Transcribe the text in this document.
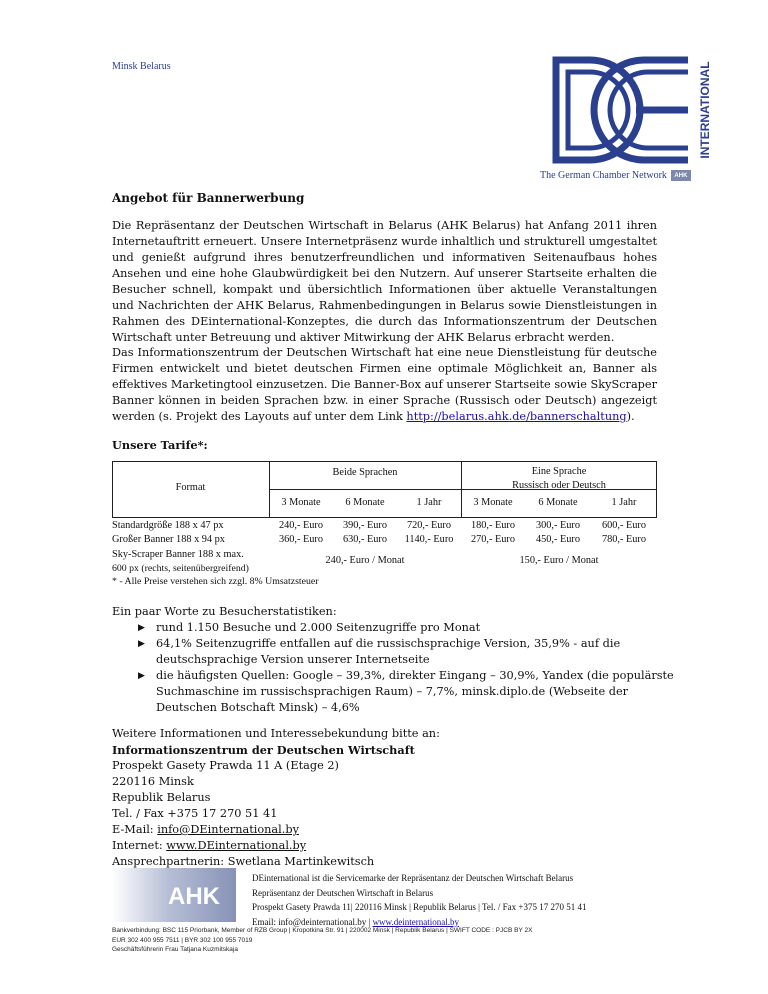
Minsk Belarus	INTERNATIONAL
The German Chamber Network	AHK
Angebot für Bannerwerbung
Die Repräsentanz der Deutschen Wirtschaft in Belarus (AHK Belarus) hat Anfang 2011 ihren Internetauftritt erneuert. Unsere Internetpräsenz wurde inhaltlich und strukturell umgestaltet und genießt aufgrund ihres benutzerfreundlichen und informativen Seitenaufbaus hohes Ansehen und eine hohe Glaubwürdigkeit bei den Nutzern. Auf unserer Startseite erhalten die Besucher schnell, kompakt und übersichtlich Informationen über aktuelle Veranstaltungen und Nachrichten der AHK Belarus, Rahmenbedingungen in Belarus sowie Dienstleistungen in Rahmen des DEinternational-Konzeptes, die durch das Informationszentrum der Deutschen Wirtschaft unter Betreuung und aktiver Mitwirkung der AHK Belarus erbracht werden.
Das Informationszentrum der Deutschen Wirtschaft hat eine neue Dienstleistung für deutsche Firmen entwickelt und bietet deutschen Firmen eine optimale Möglichkeit an, Banner als effektives Marketingtool einzusetzen. Die Banner-Box auf unserer Startseite sowie SkyScraper Banner können in beiden Sprachen bzw. in einer Sprache (Russisch oder Deutsch) angezeigt werden (s. Projekt des Layouts auf unter dem Link http://belarus.ahk.de/bannerschaltung).
Unsere Tarife*:
Format
Beide Sprachen	Eine Sprache
Russisch oder Deutsch
3 Monate	6 Monate	1 Jahr	3 Monate	6 Monate	1 Jahr
Standardgröße 188 x 47 px	240,- Euro	390,- Euro	720,- Euro	180,- Euro	300,- Euro	600,- Euro
Großer Banner 188 x 94 px	360,- Euro	630,- Euro	1140,- Euro	270,- Euro	450,- Euro	780,- Euro
Sky-Scraper Banner 188 x max.
600 px (rechts, seitenübergreifend)
240,- Euro / Monat	150,- Euro / Monat
* - Alle Preise verstehen sich zzgl. 8% Umsatzsteuer
Ein paar Worte zu Besucherstatistiken:
▶ rund 1.150 Besuche und 2.000 Seitenzugriffe pro Monat
▶ 64,1% Seitenzugriffe entfallen auf die russischsprachige Version, 35,9% - auf die deutschsprachige Version unserer Internetseite
▶ die häufigsten Quellen: Google – 39,3%, direkter Eingang – 30,9%, Yandex (die populärste Suchmaschine im russischsprachigen Raum) – 7,7%, minsk.diplo.de (Webseite der Deutschen Botschaft Minsk) – 4,6%
Weitere Informationen und Interessebekundung bitte an:
Informationszentrum der Deutschen Wirtschaft
Prospekt Gasety Prawda 11 A (Etage 2)
220116 Minsk
Republik Belarus
Tel. / Fax +375 17 270 51 41
E-Mail: info@DEinternational.by
Internet: www.DEinternational.by
Ansprechpartnerin: Swetlana Martinkewitsch
AHK
DEinternational ist die Servicemarke der Repräsentanz der Deutschen Wirtschaft Belarus
Repräsentanz der Deutschen Wirtschaft in Belarus
Prospekt Gasety Prawda 11| 220116 Minsk | Republik Belarus | Tel. / Fax +375 17 270 51 41
Email: info@deinternational.by | www.deinternational.by
Bankverbindung: BSC 115 Priorbank, Member of RZB Group | Kropotkina Str. 91 | 220002 Minsk | Republik Belarus | SWIFT CODE : PJCB BY 2X
EUR 302 400 955 7511 | BYR 302 100 955 7019
Geschäftsführerin Frau Tatjana Kuzmitskaja
